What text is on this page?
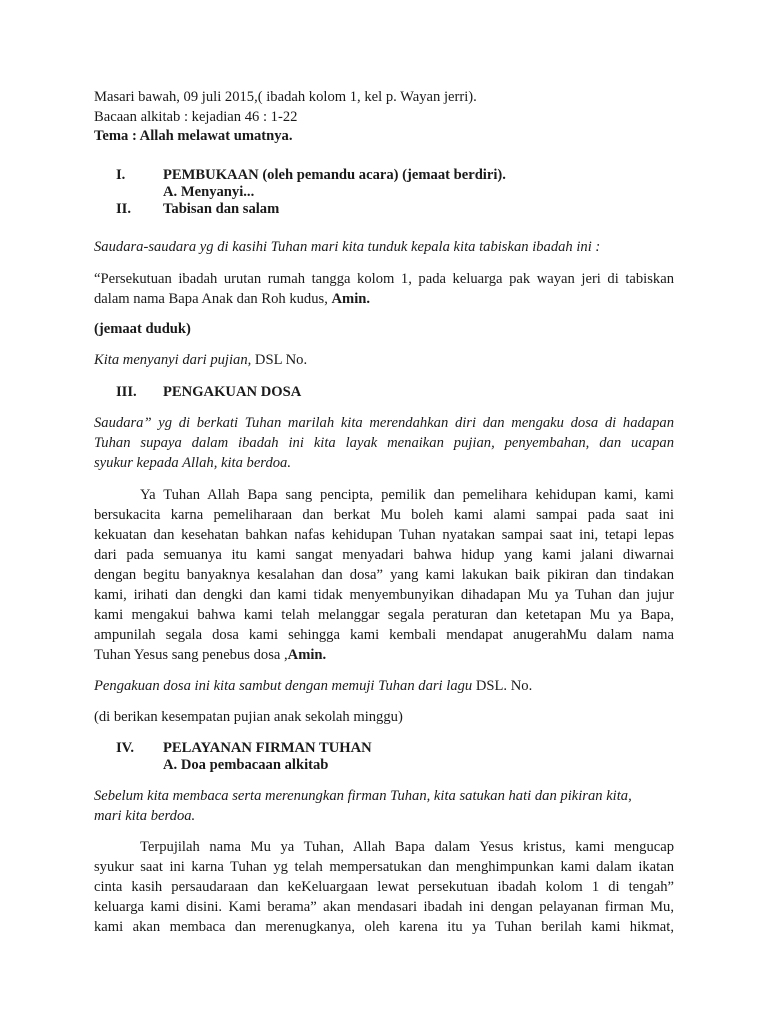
Masari bawah, 09 juli 2015,( ibadah kolom 1, kel p. Wayan jerri).
Bacaan alkitab : kejadian 46 : 1-22
Tema : Allah melawat umatnya.
I.	PEMBUKAAN (oleh pemandu acara) (jemaat berdiri).
A. Menyanyi...
II. Tabisan dan salam
Saudara-saudara yg di kasihi Tuhan mari kita tunduk kepala kita tabiskan ibadah ini :
“Persekutuan ibadah urutan rumah tangga kolom 1, pada keluarga pak wayan jeri di tabiskan
dalam nama Bapa Anak dan Roh kudus, Amin.
(jemaat duduk)
Kita menyanyi dari pujian, DSL No.
III. PENGAKUAN DOSA
Saudara” yg di berkati Tuhan marilah kita merendahkan diri dan mengaku dosa di hadapan
Tuhan supaya dalam ibadah ini kita layak menaikan pujian, penyembahan, dan ucapan
syukur kepada Allah, kita berdoa.
Ya Tuhan Allah Bapa sang pencipta, pemilik dan pemelihara kehidupan kami, kami
bersukacita karna pemeliharaan dan berkat Mu boleh kami alami sampai pada saat ini
kekuatan dan kesehatan bahkan nafas kehidupan Tuhan nyatakan sampai saat ini, tetapi lepas
dari pada semuanya itu kami sangat menyadari bahwa hidup yang kami jalani diwarnai
dengan begitu banyaknya kesalahan dan dosa” yang kami lakukan baik pikiran dan tindakan
kami, irihati dan dengki dan kami tidak menyembunyikan dihadapan Mu ya Tuhan dan jujur
kami mengakui bahwa kami telah melanggar segala peraturan dan ketetapan Mu ya Bapa,
ampunilah segala dosa kami sehingga kami kembali mendapat anugerahMu dalam nama
Tuhan Yesus sang penebus dosa ,Amin.
Pengakuan dosa ini kita sambut dengan memuji Tuhan dari lagu DSL. No.
(di berikan kesempatan pujian anak sekolah minggu)
IV. PELAYANAN FIRMAN TUHAN
A. Doa pembacaan alkitab
Sebelum kita membaca serta merenungkan firman Tuhan, kita satukan hati dan pikiran kita,
mari kita berdoa.
Terpujilah nama Mu ya Tuhan, Allah Bapa dalam Yesus kristus, kami mengucap
syukur saat ini karna Tuhan yg telah mempersatukan dan menghimpunkan kami dalam ikatan
cinta kasih persaudaraan dan keKeluargaan lewat persekutuan ibadah kolom 1 di tengah”
keluarga kami disini. Kami berama” akan mendasari ibadah ini dengan pelayanan firman Mu,
kami akan membaca dan merenugkanya, oleh karena itu ya Tuhan berilah kami hikmat,
